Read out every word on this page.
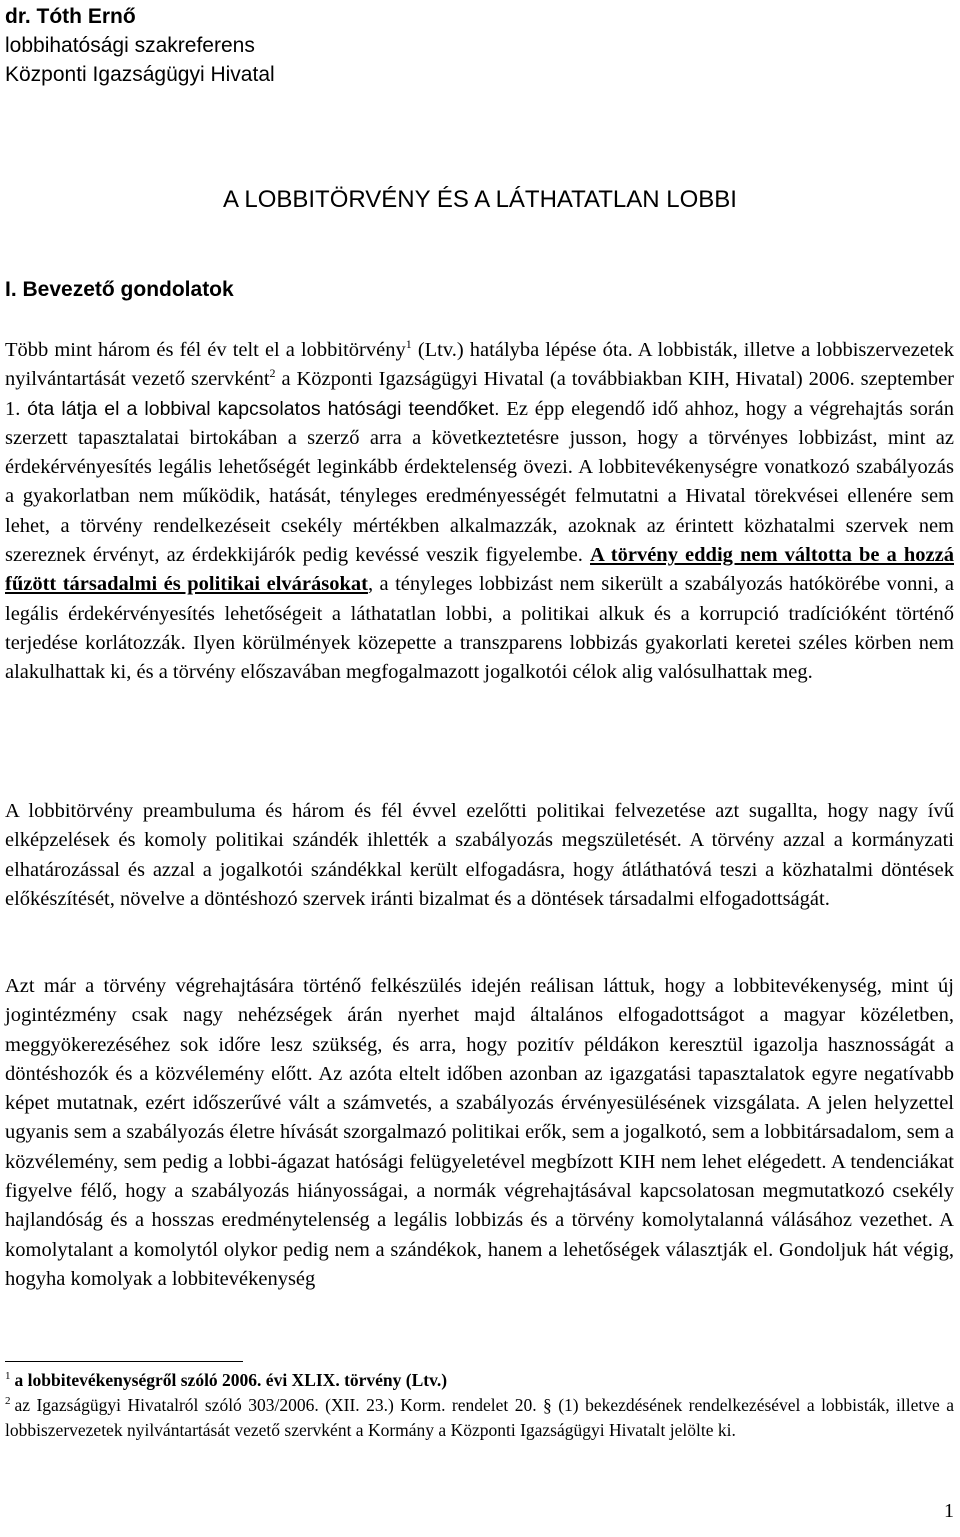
dr. Tóth Ernő
lobbihatósági szakreferens
Központi Igazságügyi Hivatal
A LOBBITÖRVÉNY ÉS A LÁTHATATLAN LOBBI
I. Bevezető gondolatok

Több mint három és fél év telt el a lobbitörvény$^1$ (Ltv.) hatályba lépése óta. A lobbisták, illetve a lobbiszervezetek nyilvántartását vezető szervként$^2$ a Központi Igazságügyi Hivatal (a továbbiakban KIH, Hivatal) 2006. szeptember 1. óta látja el a lobbival kapcsolatos hatósági teendőket. Ez épp elegendő idő ahhoz, hogy a végrehajtás során szerzett tapasztalatai birtokában a szerző arra a következtetésre jusson, hogy a törvényes lobbizást, mint az érdekérvényesítés legális lehetőségét leginkább érdektelenség övezi. A lobbitevékenységre vonatkozó szabályozás a gyakorlatban nem működik, hatását, tényleges eredményességét felmutatni a Hivatal törekvései ellenére sem lehet, a törvény rendelkezéseit csekély mértékben alkalmazzák, azoknak az érintett közhatalmi szervek nem szereznek érvényt, az érdekkijárók pedig kevéssé veszik figyelembe. A törvény eddig nem váltotta be a hozzá fűzött társadalmi és politikai elvárásokat, a tényleges lobbizást nem sikerült a szabályozás hatókörébe vonni, a legális érdekérvényesítés lehetőségeit a láthatatlan lobbi, a politikai alkuk és a korrupció tradícióként történő terjedése korlátozzák. Ilyen körülmények közepette a transzparens lobbizás gyakorlati keretei széles körben nem alakulhattak ki, és a törvény előszavában megfogalmazott jogalkotói célok alig valósulhattak meg.

A lobbitörvény preambuluma és három és fél évvel ezelőtti politikai felvezetése azt sugallta, hogy nagy ívű elképzelések és komoly politikai szándék ihlették a szabályozás megszületését. A törvény azzal a kormányzati elhatározással és azzal a jogalkotói szándékkal került elfogadásra, hogy átláthatóvá teszi a közhatalmi döntések előkészítését, növelve a döntéshozó szervek iránti bizalmat és a döntések társadalmi elfogadottságát.

Azt már a törvény végrehajtására történő felkészülés idején reálisan láttuk, hogy a lobbitevékenység, mint új jogintézmény csak nagy nehézségek árán nyerhet majd általános elfogadottságot a magyar közéletben, meggyökerezéséhez sok időre lesz szükség, és arra, hogy pozitív példákon keresztül igazolja hasznosságát a döntéshozók és a közvélemény előtt. Az azóta eltelt időben azonban az igazgatási tapasztalatok egyre negatívabb képet mutatnak, ezért időszerűvé vált a számvetés, a szabályozás érvényesülésének vizsgálata. A jelen helyzettel ugyanis sem a szabályozás életre hívását szorgalmazó politikai erők, sem a jogalkotó, sem a lobbitársadalom, sem a közvélemény, sem pedig a lobbi-ágazat hatósági felügyeletével megbízott KIH nem lehet elégedett. A tendenciákat figyelve félő, hogy a szabályozás hiányosságai, a normák végrehajtásával kapcsolatosan megmutatkozó csekély hajlandóság és a hosszas eredménytelenség a legális lobbizás és a törvény komolytalanná válásához vezethet. A komolytalant a komolytól olykor pedig nem a szándékok, hanem a lehetőségek választják el. Gondoljuk hát végig, hogyha komolyak a lobbitevékenység

$^1$ a lobbitevékenységről szóló 2006. évi XLIX. törvény (Ltv.)

$^2$ az Igazságügyi Hivatalról szóló 303/2006. (XII. 23.) Korm. rendelet 20. § (1) bekezdésének rendelkezésével a lobbisták, illetve a lobbiszervezetek nyilvántartását vezető szervként a Kormány a Központi Igazságügyi Hivatalt jelölte ki.

1
